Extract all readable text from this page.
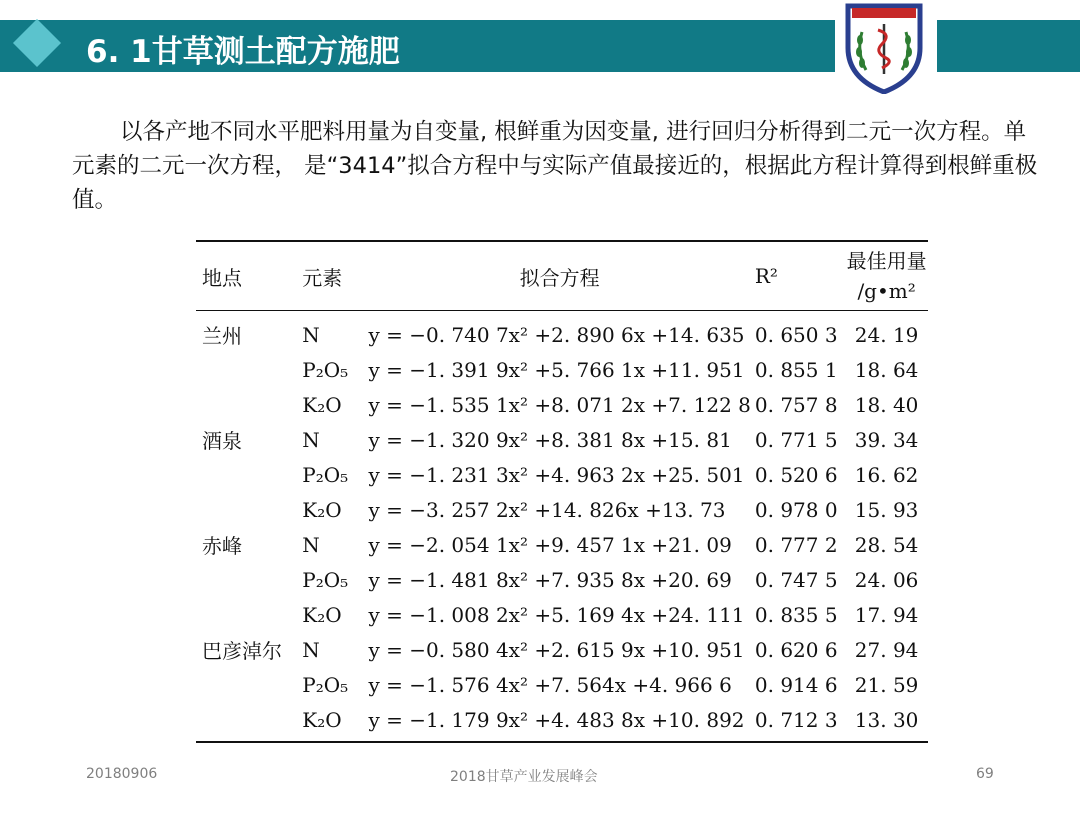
6. 1甘草测土配方施肥
以各产地不同水平肥料用量为自变量, 根鲜重为因变量, 进行回归分析得到二元一次方程。单元素的二元一次方程， 是“3414”拟合方程中与实际产值最接近的，根据此方程计算得到根鲜重极值。
地点	元素	拟合方程	R²	最佳用量
/g•m²

兰州	N	y = −0. 740 7x² +2. 890 6x +14. 635	0. 650 3	24. 19
	P₂O₅	y = −1. 391 9x² +5. 766 1x +11. 951	0. 855 1	18. 64
	K₂O	y = −1. 535 1x² +8. 071 2x +7. 122 8	0. 757 8	18. 40
酒泉	N	y = −1. 320 9x² +8. 381 8x +15. 81	0. 771 5	39. 34
	P₂O₅	y = −1. 231 3x² +4. 963 2x +25. 501	0. 520 6	16. 62
	K₂O	y = −3. 257 2x² +14. 826x +13. 73	0. 978 0	15. 93
赤峰	N	y = −2. 054 1x² +9. 457 1x +21. 09	0. 777 2	28. 54
	P₂O₅	y = −1. 481 8x² +7. 935 8x +20. 69	0. 747 5	24. 06
	K₂O	y = −1. 008 2x² +5. 169 4x +24. 111	0. 835 5	17. 94
巴彦淖尔	N	y = −0. 580 4x² +2. 615 9x +10. 951	0. 620 6	27. 94
	P₂O₅	y = −1. 576 4x² +7. 564x +4. 966 6	0. 914 6	21. 59
	K₂O	y = −1. 179 9x² +4. 483 8x +10. 892	0. 712 3	13. 30
20180906	2018甘草产业发展峰会	69
